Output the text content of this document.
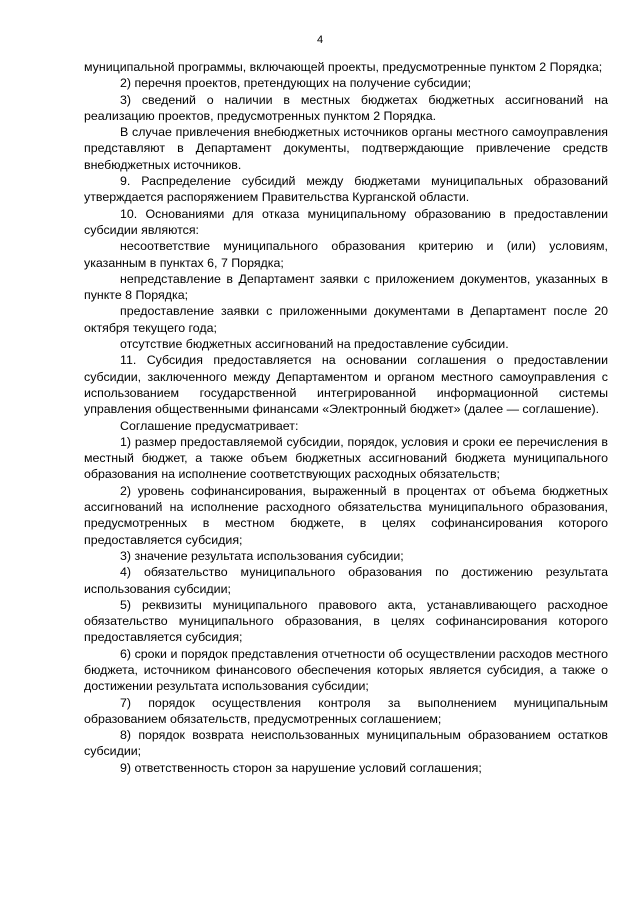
4

муниципальной программы, включающей проекты, предусмотренные пунктом 2 Порядка;

2) перечня проектов, претендующих на получение субсидии;

3) сведений о наличии в местных бюджетах бюджетных ассигнований на реализацию проектов, предусмотренных пунктом 2 Порядка.

В случае привлечения внебюджетных источников органы местного самоуправления представляют в Департамент документы, подтверждающие привлечение средств внебюджетных источников.

9. Распределение субсидий между бюджетами муниципальных образований утверждается распоряжением Правительства Курганской области.

10. Основаниями для отказа муниципальному образованию в предоставлении субсидии являются:

несоответствие муниципального образования критерию и (или) условиям, указанным в пунктах 6, 7 Порядка;

непредставление в Департамент заявки с приложением документов, указанных в пункте 8 Порядка;

предоставление заявки с приложенными документами в Департамент после 20 октября текущего года;

отсутствие бюджетных ассигнований на предоставление субсидии.

11. Субсидия предоставляется на основании соглашения о предоставлении субсидии, заключенного между Департаментом и органом местного самоуправления с использованием государственной интегрированной информационной системы управления общественными финансами «Электронный бюджет» (далее — соглашение).

Соглашение предусматривает:

1) размер предоставляемой субсидии, порядок, условия и сроки ее перечисления в местный бюджет, а также объем бюджетных ассигнований бюджета муниципального образования на исполнение соответствующих расходных обязательств;

2) уровень софинансирования, выраженный в процентах от объема бюджетных ассигнований на исполнение расходного обязательства муниципального образования, предусмотренных в местном бюджете, в целях софинансирования которого предоставляется субсидия;

3) значение результата использования субсидии;

4) обязательство муниципального образования по достижению результата использования субсидии;

5) реквизиты муниципального правового акта, устанавливающего расходное обязательство муниципального образования, в целях софинансирования которого предоставляется субсидия;

6) сроки и порядок представления отчетности об осуществлении расходов местного бюджета, источником финансового обеспечения которых является субсидия, а также о достижении результата использования субсидии;

7) порядок осуществления контроля за выполнением муниципальным образованием обязательств, предусмотренных соглашением;

8) порядок возврата неиспользованных муниципальным образованием остатков субсидии;

9) ответственность сторон за нарушение условий соглашения;
